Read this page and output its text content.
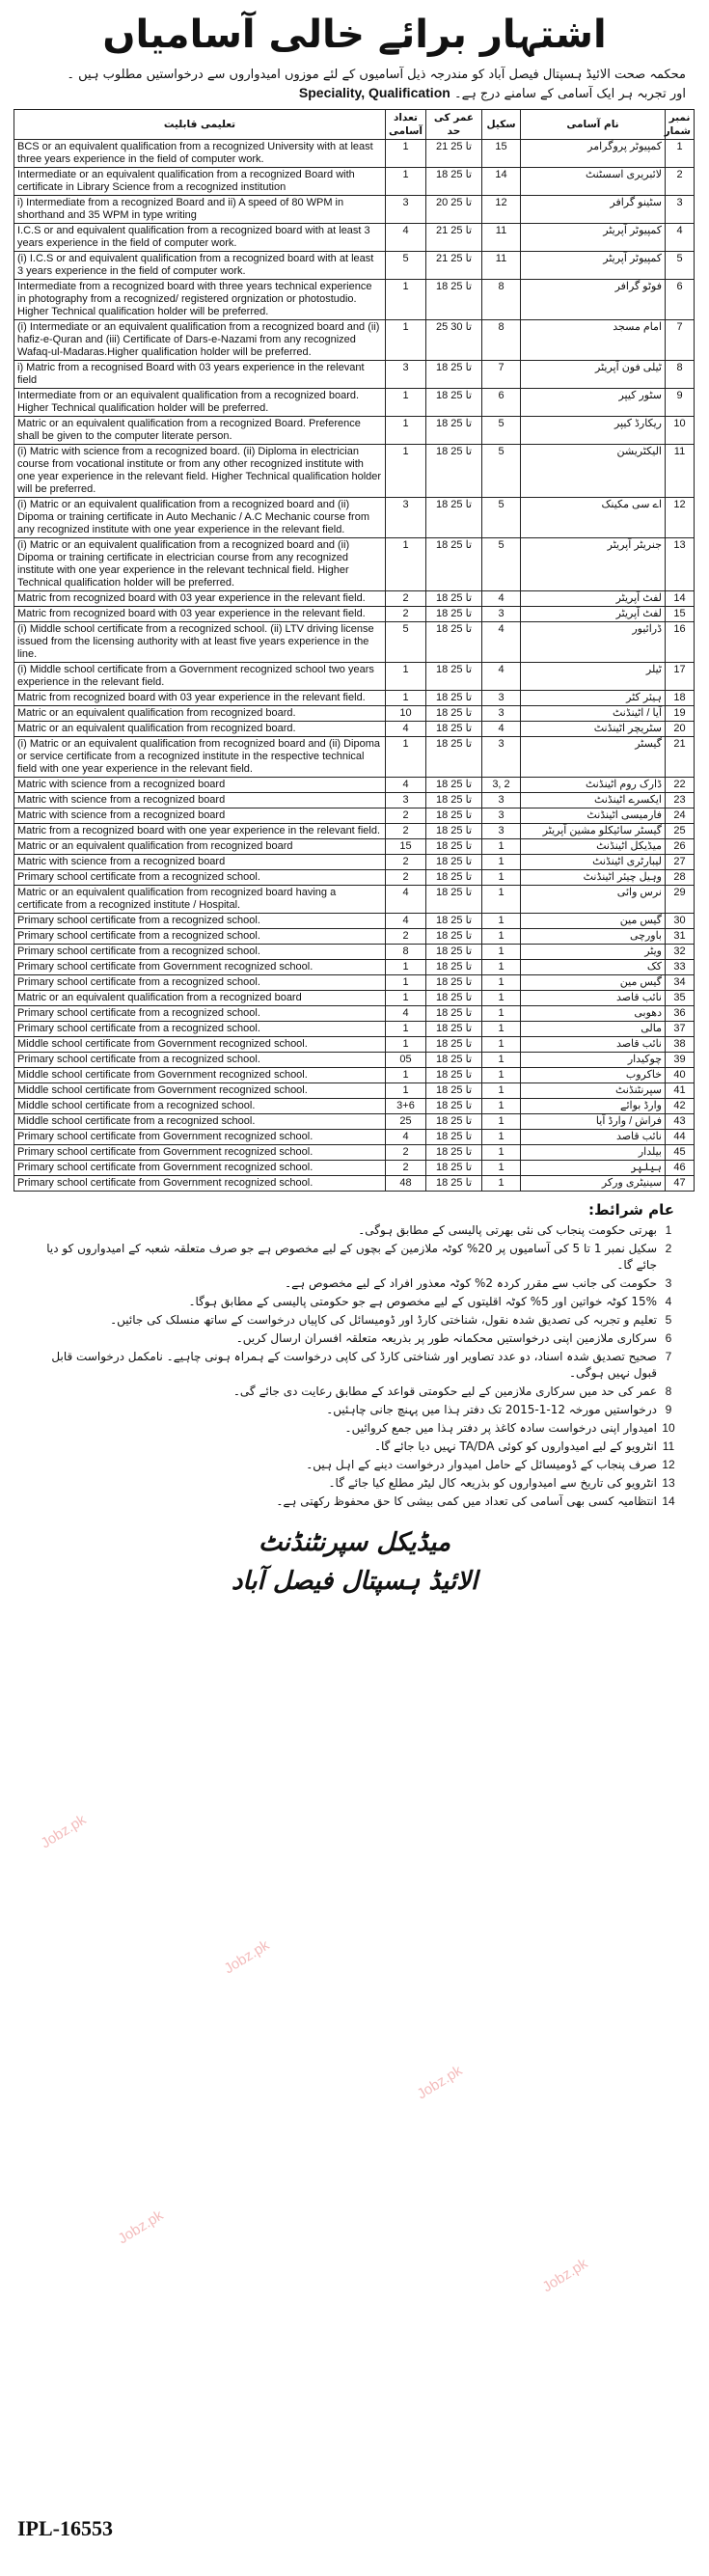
اشتہار برائے خالی آسامیاں
محکمہ صحت الائیڈ ہسپتال فیصل آباد کو مندرجہ ذیل آسامیوں کے لئے موزوں امیدواروں سے درخواستیں مطلوب ہیں ۔
اور تجربہ ہر ایک آسامی کے سامنے درج ہے۔ Speciality, Qualification
تعلیمی قابلیت	تعداد آسامی	عمر کی حد	سکیل	نام آسامی	نمبر شمار
BCS or an equivalent qualification from a recognized University with at least three years experience in the field of computer work.	1	21 تا 25	15	کمپیوٹر پروگرامر	1
Intermediate or an equivalent qualification from a recognized Board with certificate in Library Science from a recognized institution	1	18 تا 25	14	لائبریری اسسٹنٹ	2
i) Intermediate from a recognized Board and ii) A speed of 80 WPM in shorthand and 35 WPM in type writing	3	20 تا 25	12	سٹینو گرافر	3
I.C.S or and equivalent qualification from a recognized board with at least 3 years experience in the field of computer work.	4	21 تا 25	11	کمپیوٹر آپریٹر	4
(i) I.C.S or and equivalent qualification from a recognized board with at least 3 years experience in the field of computer work.	5	21 تا 25	11	کمپیوٹر آپریٹر	5
Intermediate from a recognized board with three years technical experience in photography from a recognized/ registered orgnization or photostudio. Higher Technical qualification holder will be preferred.	1	18 تا 25	8	فوٹو گرافر	6
(i) Intermediate or an equivalent qualification from a recognized board and (ii) hafiz-e-Quran and (iii) Certificate of Dars-e-Nazami from any recognized Wafaq-ul-Madaras.Higher qualification holder will be preferred.	1	25 تا 30	8	امام مسجد	7
i) Matric from a recognised Board with 03 years experience in the relevant field	3	18 تا 25	7	ٹیلی فون آپریٹر	8
Intermediate from or an equivalent qualification from a recognized board. Higher Technical qualification holder will be preferred.	1	18 تا 25	6	سٹور کیپر	9
Matric or an equivalent qualification from a recognized Board. Preference shall be given to the computer literate person.	1	18 تا 25	5	ریکارڈ کیپر	10
(i) Matric with science from a recognized board. (ii) Diploma in electrician course from vocational institute or from any other recognized institute with one year experience in the relevant field. Higher Technical qualification holder will be preferred.	1	18 تا 25	5	الیکٹریشن	11
(i) Matric or an equivalent qualification from a recognized board and (ii) Dipoma or training certificate in Auto Mechanic / A.C Mechanic course from any recognized institute with one year experience in the relevant field.	3	18 تا 25	5	اے سی مکینک	12
(i) Matric or an equivalent qualification from a recognized board and (ii) Dipoma or training certificate in electrician course from any recognized institute with one year experience in the relevant technical field. Higher Technical qualification holder will be preferred.	1	18 تا 25	5	جنریٹر آپریٹر	13
Matric from recognized board with 03 year experience in the relevant field.	2	18 تا 25	4	لفٹ آپریٹر	14
Matric from recognized board with 03 year experience in the relevant field.	2	18 تا 25	3	لفٹ آپریٹر	15
(i) Middle school certificate from a recognized school. (ii) LTV driving license issued from the licensing authority with at least five years experience in the line.	5	18 تا 25	4	ڈرائیور	16
(i) Middle school certificate from a Government recognized school two years experience in the relevant field.	1	18 تا 25	4	ٹیلر	17
Matric from recognized board with 03 year experience in the relevant field.	1	18 تا 25	3	ہیئر کٹر	18
Matric or an equivalent qualification from recognized board.	10	18 تا 25	3	آیا / اٹینڈنٹ	19
Matric or an equivalent qualification from recognized board.	4	18 تا 25	4	سٹریچر اٹینڈنٹ	20
(i) Matric or an equivalent qualification from recognized board and (ii) Dipoma or service certificate from a recognized institute in the respective technical field with one year experience in the relevant field.	1	18 تا 25	3	گیسٹر	21
Matric with science from a recognized board	4	18 تا 25	3, 2	ڈارک روم اٹینڈنٹ	22
Matric with science from a recognized board	3	18 تا 25	3	ایکسرے اٹینڈنٹ	23
Matric with science from a recognized board	2	18 تا 25	3	فارمیسی اٹینڈنٹ	24
Matric from a recognized board with one year experience in the relevant field.	2	18 تا 25	3	گیسٹر سائیکلو مشین آپریٹر	25
Matric or an equivalent qualification from recognized board	15	18 تا 25	1	میڈیکل اٹینڈنٹ	26
Matric with science from a recognized board	2	18 تا 25	1	لیبارٹری اٹینڈنٹ	27
Primary school certificate from a recognized school.	2	18 تا 25	1	وہیل چیئر اٹینڈنٹ	28
Matric or an equivalent qualification from recognized board having a certificate from a recognized institute / Hospital.	4	18 تا 25	1	نرس وائی	29
Primary school certificate from a recognized school.	4	18 تا 25	1	گیس مین	30
Primary school certificate from a recognized school.	2	18 تا 25	1	باورچی	31
Primary school certificate from a recognized school.	8	18 تا 25	1	ویٹر	32
Primary school certificate from Government recognized school.	1	18 تا 25	1	کک	33
Primary school certificate from a recognized school.	1	18 تا 25	1	گیس مین	34
Matric or an equivalent qualification from a recognized board	1	18 تا 25	1	نائب قاصد	35
Primary school certificate from a recognized school.	4	18 تا 25	1	دھوبی	36
Primary school certificate from a recognized school.	1	18 تا 25	1	مالی	37
Middle school certificate from Government recognized school.	1	18 تا 25	1	نائب قاصد	38
Primary school certificate from a recognized school.	05	18 تا 25	1	چوکیدار	39
Middle school certificate from Government recognized school.	1	18 تا 25	1	خاکروب	40
Middle school certificate from Government recognized school.	1	18 تا 25	1	سپرنٹنڈنٹ	41
Middle school certificate from a recognized school.	3+6	18 تا 25	1	وارڈ بوائے	42
Middle school certificate from a recognized school.	25	18 تا 25	1	فراش / وارڈ آیا	43
Primary school certificate from Government recognized school.	4	18 تا 25	1	نائب قاصد	44
Primary school certificate from Government recognized school.	2	18 تا 25	1	بیلدار	45
Primary school certificate from Government recognized school.	2	18 تا 25	1	ہیلپر	46
Primary school certificate from Government recognized school.	48	18 تا 25	1	سینیٹری ورکر	47
عام شرائط:
1
بھرتی حکومت پنجاب کی نئی بھرتی پالیسی کے مطابق ہوگی۔
2
سکیل نمبر 1 تا 5 کی آسامیوں پر 20% کوٹہ ملازمین کے بچوں کے لیے مخصوص ہے جو صرف متعلقہ شعبہ کے امیدواروں کو دیا جائے گا۔
3
حکومت کی جانب سے مقرر کردہ 2% کوٹہ معذور افراد کے لیے مخصوص ہے۔
4
15% کوٹہ خواتین اور 5% کوٹہ اقلیتوں کے لیے مخصوص ہے جو حکومتی پالیسی کے مطابق ہوگا۔
5
تعلیم و تجربہ کی تصدیق شدہ نقول، شناختی کارڈ اور ڈومیسائل کی کاپیاں درخواست کے ساتھ منسلک کی جائیں۔
6
سرکاری ملازمین اپنی درخواستیں محکمانہ طور پر بذریعہ متعلقہ افسران ارسال کریں۔
7
صحیح تصدیق شدہ اسناد، دو عدد تصاویر اور شناختی کارڈ کی کاپی درخواست کے ہمراہ ہونی چاہیے۔ نامکمل درخواست قابل قبول نہیں ہوگی۔
8
عمر کی حد میں سرکاری ملازمین کے لیے حکومتی قواعد کے مطابق رعایت دی جائے گی۔
9
درخواستیں مورخہ 12-1-2015 تک دفتر ہذا میں پہنچ جانی چاہئیں۔
10
امیدوار اپنی درخواست سادہ کاغذ پر دفتر ہذا میں جمع کروائیں۔
11
انٹرویو کے لیے امیدواروں کو کوئی TA/DA نہیں دیا جائے گا۔
12
صرف پنجاب کے ڈومیسائل کے حامل امیدوار درخواست دینے کے اہل ہیں۔
13
انٹرویو کی تاریخ سے امیدواروں کو بذریعہ کال لیٹر مطلع کیا جائے گا۔
14
انتظامیہ کسی بھی آسامی کی تعداد میں کمی بیشی کا حق محفوظ رکھتی ہے۔
میڈیکل سپرنٹنڈنٹ
الائیڈ ہسپتال فیصل آباد
IPL-16553
Jobz.pk
Jobz.pk
Jobz.pk
Jobz.pk
Jobz.pk
